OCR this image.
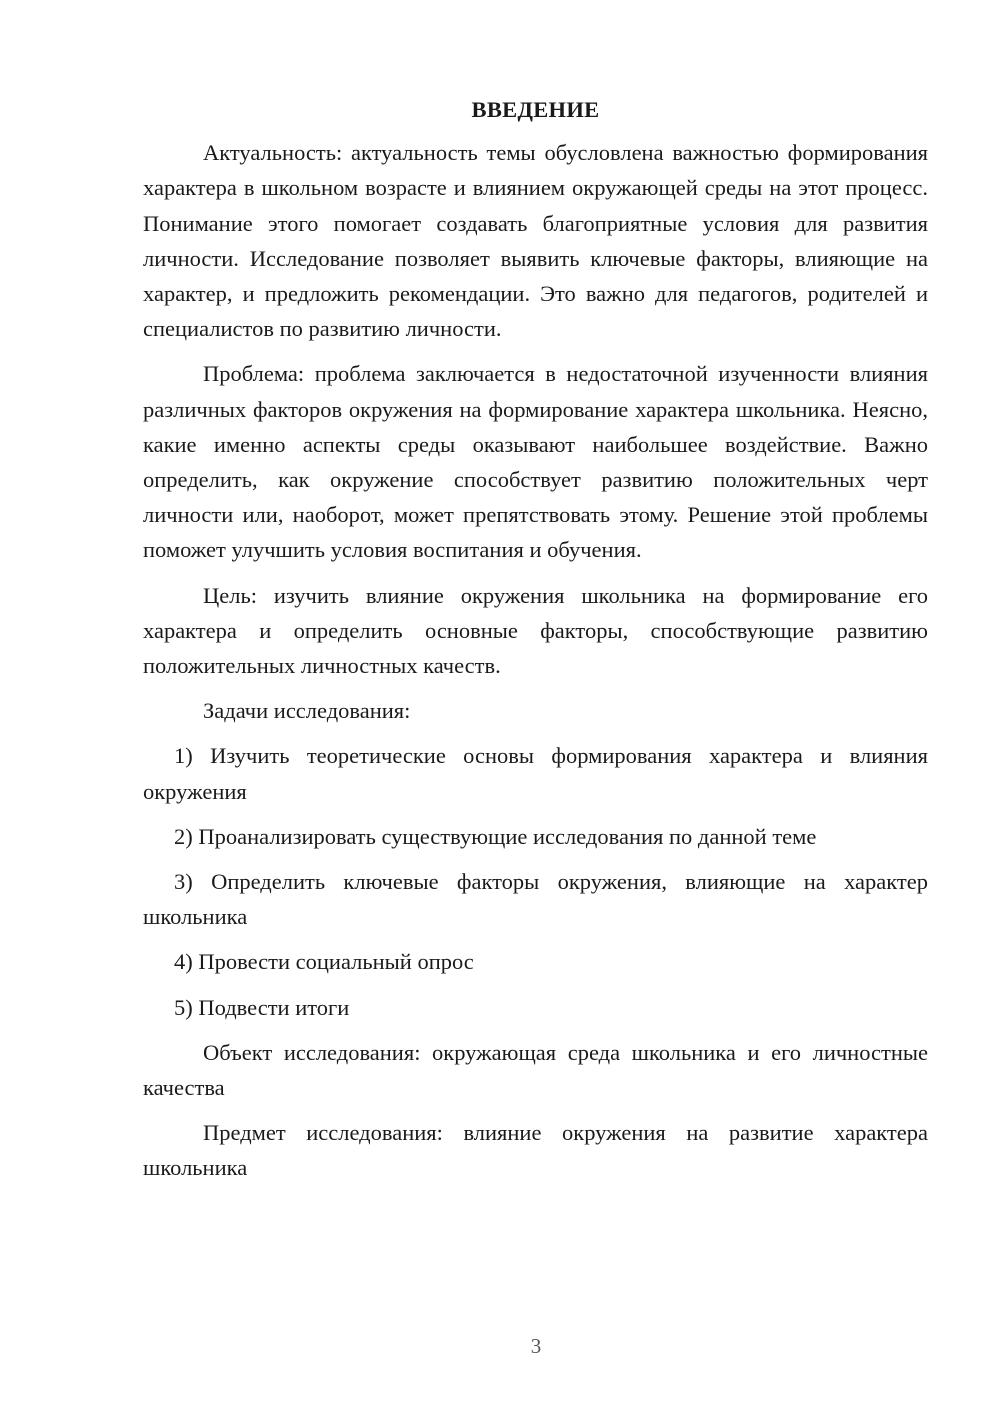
ВВЕДЕНИЕ

Актуальность: актуальность темы обусловлена важностью формирования характера в школьном возрасте и влиянием окружающей среды на этот процесс. Понимание этого помогает создавать благоприятные условия для развития личности. Исследование позволяет выявить ключевые факторы, влияющие на характер, и предложить рекомендации. Это важно для педагогов, родителей и специалистов по развитию личности.

Проблема: проблема заключается в недостаточной изученности влияния различных факторов окружения на формирование характера школьника. Неясно, какие именно аспекты среды оказывают наибольшее воздействие. Важно определить, как окружение способствует развитию положительных черт личности или, наоборот, может препятствовать этому. Решение этой проблемы поможет улучшить условия воспитания и обучения.

Цель: изучить влияние окружения школьника на формирование его характера и определить основные факторы, способствующие развитию положительных личностных качеств.

Задачи исследования:

1) Изучить теоретические основы формирования характера и влияния окружения

2) Проанализировать существующие исследования по данной теме

3) Определить ключевые факторы окружения, влияющие на характер школьника

4) Провести социальный опрос

5) Подвести итоги

Объект исследования: окружающая среда школьника и его личностные качества

Предмет исследования: влияние окружения на развитие характера школьника

3
